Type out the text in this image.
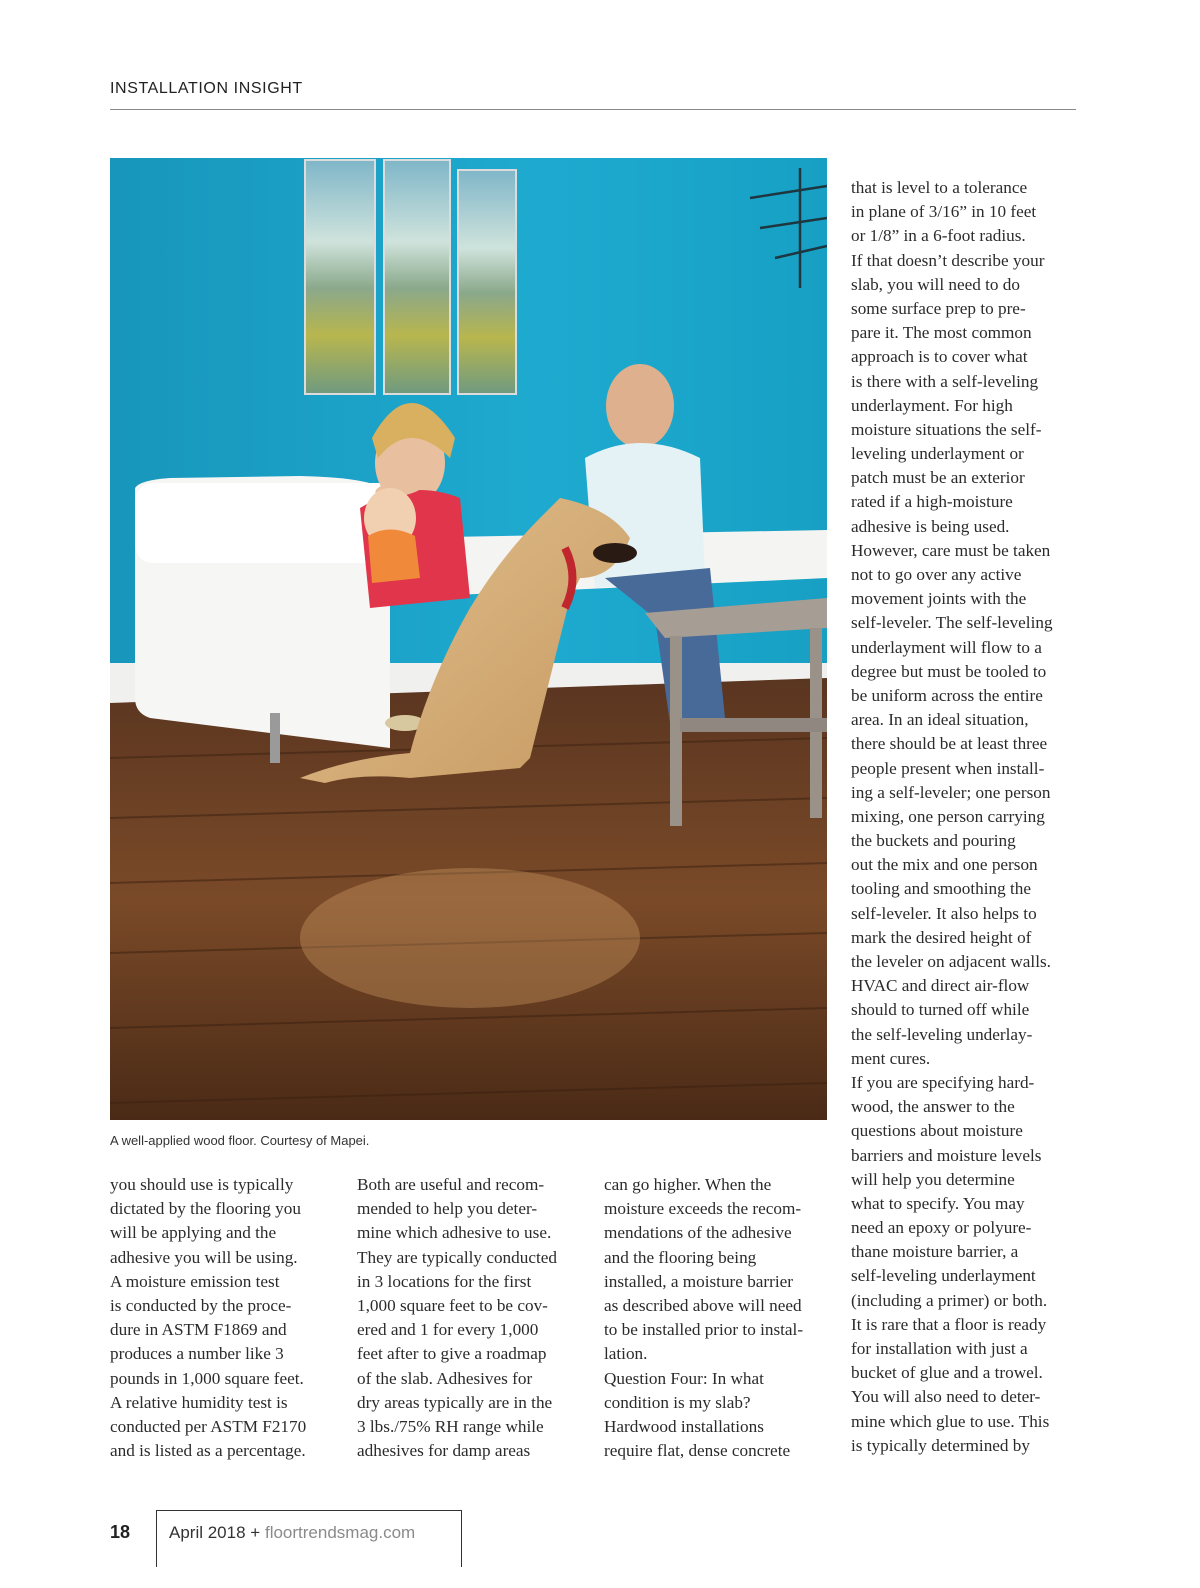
INSTALLATION INSIGHT
A well-applied wood floor. Courtesy of Mapei.
you should use is typically
dictated by the flooring you
will be applying and the
adhesive you will be using.
A moisture emission test
is conducted by the proce-
dure in ASTM F1869 and
produces a number like 3
pounds in 1,000 square feet.
A relative humidity test is
conducted per ASTM F2170
and is listed as a percentage.
Both are useful and recom-
mended to help you deter-
mine which adhesive to use.
They are typically conducted
in 3 locations for the first
1,000 square feet to be cov-
ered and 1 for every 1,000
feet after to give a roadmap
of the slab. Adhesives for
dry areas typically are in the
3 lbs./75% RH range while
adhesives for damp areas
can go higher. When the
moisture exceeds the recom-
mendations of the adhesive
and the flooring being
installed, a moisture barrier
as described above will need
to be installed prior to instal-
lation.
Question Four: In what
condition is my slab?
Hardwood installations
require flat, dense concrete
that is level to a tolerance
in plane of 3/16” in 10 feet
or 1/8” in a 6-foot radius.
If that doesn’t describe your
slab, you will need to do
some surface prep to pre-
pare it. The most common
approach is to cover what
is there with a self-leveling
underlayment. For high
moisture situations the self-
leveling underlayment or
patch must be an exterior
rated if a high-moisture
adhesive is being used.
However, care must be taken
not to go over any active
movement joints with the
self-leveler. The self-leveling
underlayment will flow to a
degree but must be tooled to
be uniform across the entire
area. In an ideal situation,
there should be at least three
people present when install-
ing a self-leveler; one person
mixing, one person carrying
the buckets and pouring
out the mix and one person
tooling and smoothing the
self-leveler. It also helps to
mark the desired height of
the leveler on adjacent walls.
HVAC and direct air-flow
should to turned off while
the self-leveling underlay-
ment cures.
If you are specifying hard-
wood, the answer to the
questions about moisture
barriers and moisture levels
will help you determine
what to specify. You may
need an epoxy or polyure-
thane moisture barrier, a
self-leveling underlayment
(including a primer) or both.
It is rare that a floor is ready
for installation with just a
bucket of glue and a trowel.
You will also need to deter-
mine which glue to use. This
is typically determined by
18 April 2018 + floortrendsmag.com
